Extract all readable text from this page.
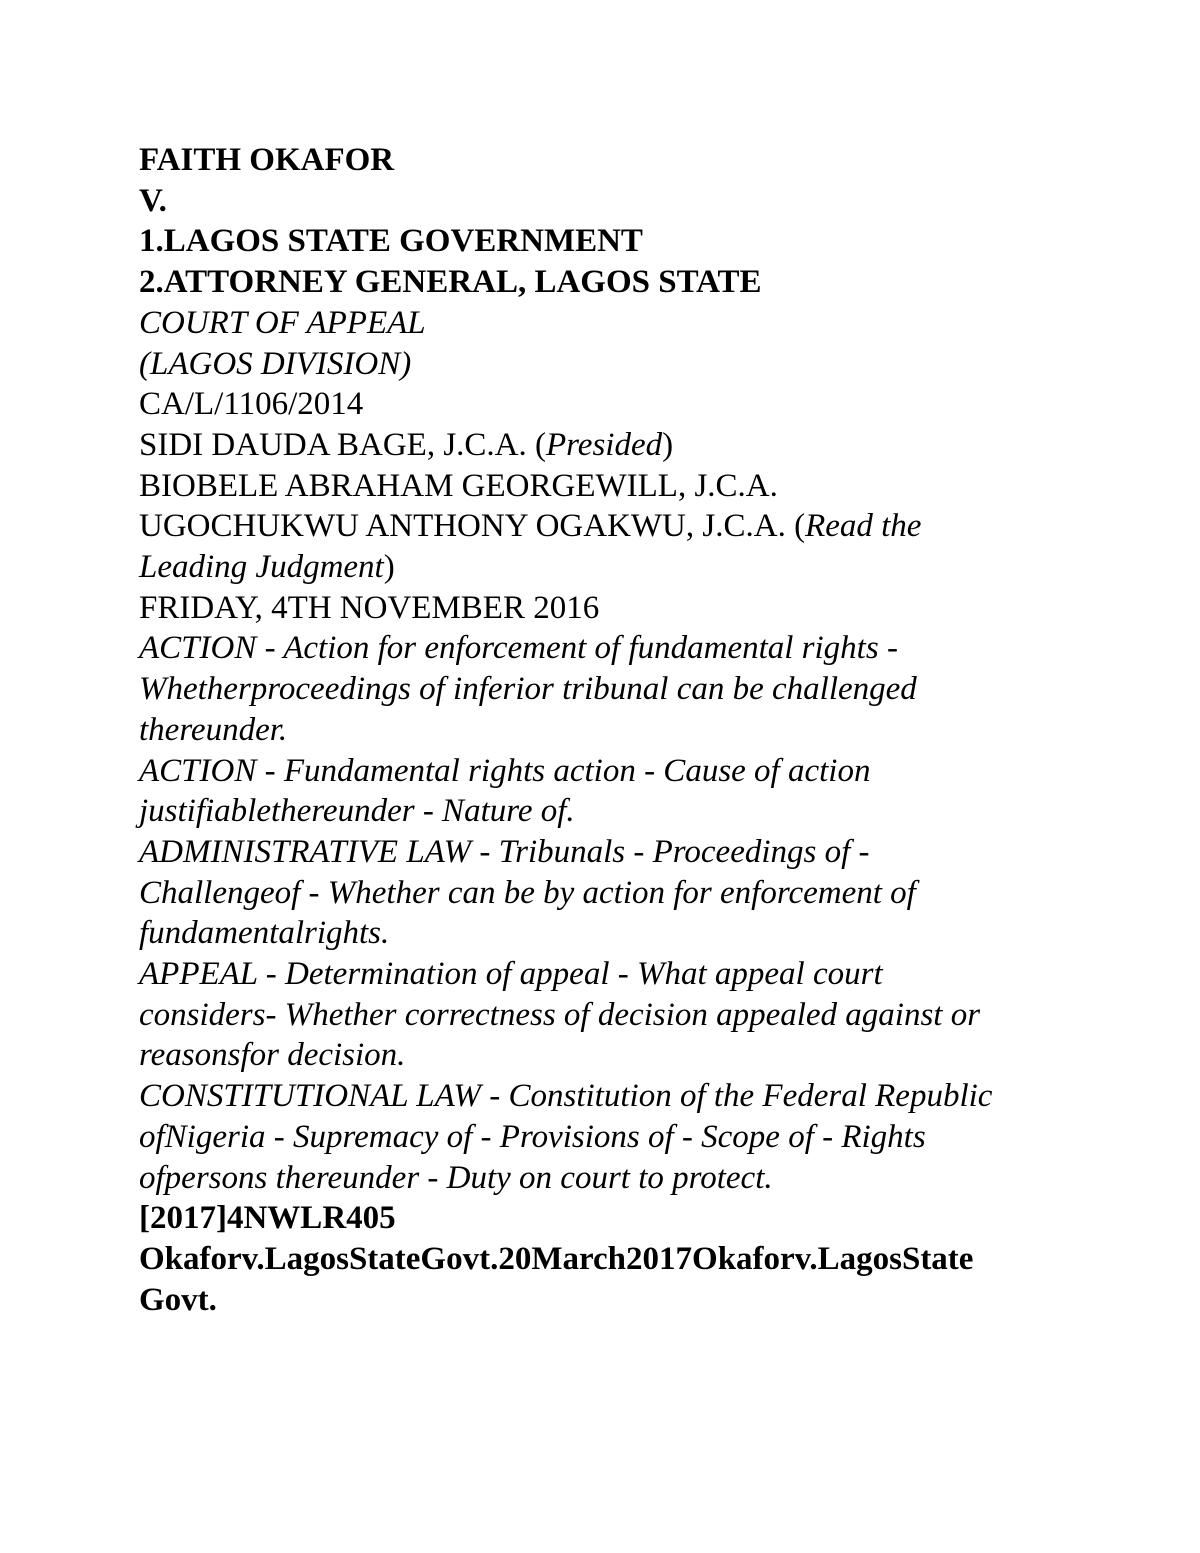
FAITH OKAFOR
V.
1.LAGOS STATE GOVERNMENT
2.ATTORNEY GENERAL, LAGOS STATE
COURT OF APPEAL
(LAGOS DIVISION)
CA/L/1106/2014
SIDI DAUDA BAGE, J.C.A. (Presided)
BIOBELE ABRAHAM GEORGEWILL, J.C.A.
UGOCHUKWU ANTHONY OGAKWU, J.C.A. (Read the
Leading Judgment)
FRIDAY, 4TH NOVEMBER 2016
ACTION - Action for enforcement of fundamental rights -
Whetherproceedings of inferior tribunal can be challenged
thereunder.
ACTION - Fundamental rights action - Cause of action
justifiablethereunder - Nature of.
ADMINISTRATIVE LAW - Tribunals - Proceedings of -
Challengeof - Whether can be by action for enforcement of
fundamentalrights.
APPEAL - Determination of appeal - What appeal court
considers- Whether correctness of decision appealed against or
reasonsfor decision.
CONSTITUTIONAL LAW - Constitution of the Federal Republic
ofNigeria - Supremacy of - Provisions of - Scope of - Rights
ofpersons thereunder - Duty on court to protect.
[2017]4NWLR405
Okaforv.LagosStateGovt.20March2017Okaforv.LagosState
Govt.
